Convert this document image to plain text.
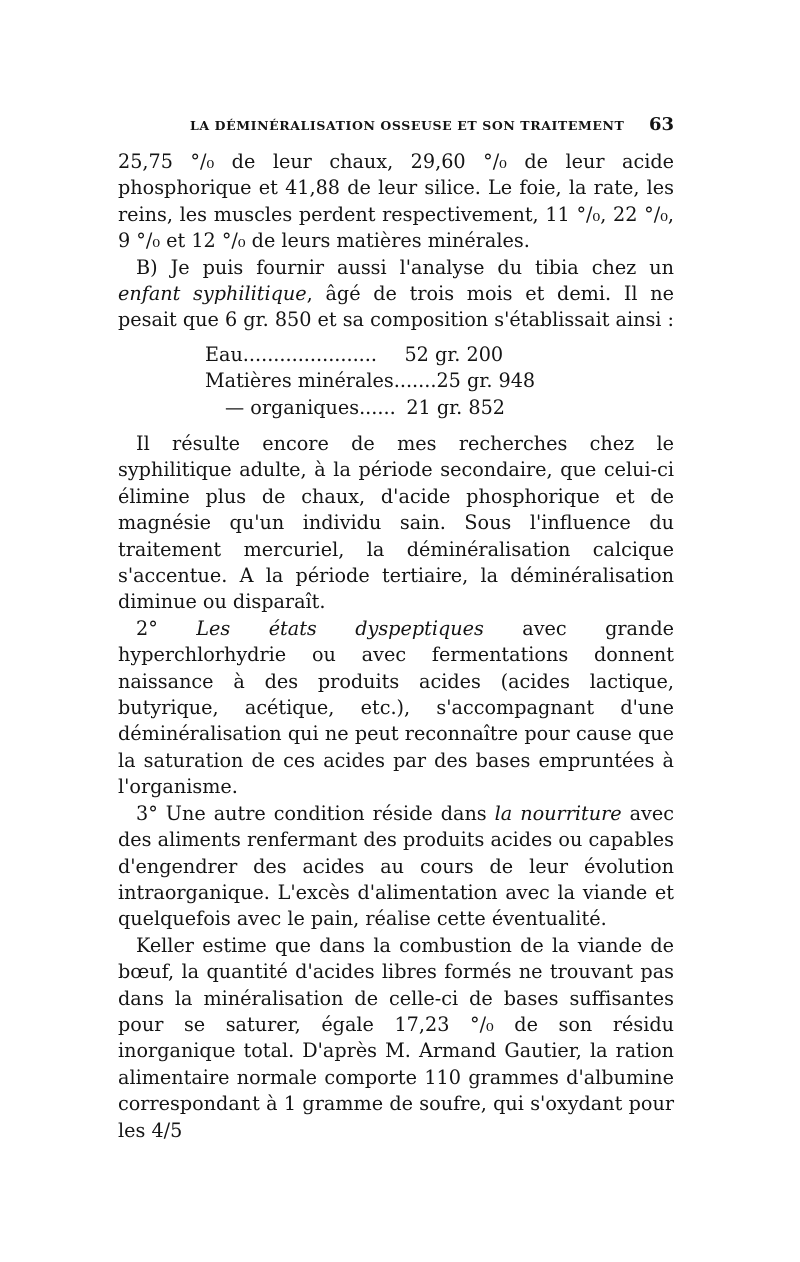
LA DÉMINÉRALISATION OSSEUSE ET SON TRAITEMENT 63

25,75 °/₀ de leur chaux, 29,60 °/₀ de leur acide phosphorique et 41,88 de leur silice. Le foie, la rate, les reins, les muscles perdent respectivement, 11 °/₀, 22 °/₀, 9 °/₀ et 12 °/₀ de leurs matières minérales.

B) Je puis fournir aussi l'analyse du tibia chez un enfant syphilitique, âgé de trois mois et demi. Il ne pesait que 6 gr. 850 et sa composition s'établissait ainsi :

Eau......................	52 gr. 200
Matières minérales....... 25 gr. 948
— organiques...... 21 gr. 852

Il résulte encore de mes recherches chez le syphilitique adulte, à la période secondaire, que celui-ci élimine plus de chaux, d'acide phosphorique et de magnésie qu'un individu sain. Sous l'influence du traitement mercuriel, la déminéralisation calcique s'accentue. A la période tertiaire, la déminéralisation diminue ou disparaît.

2° Les états dyspeptiques avec grande hyperchlorhydrie ou avec fermentations donnent naissance à des produits acides (acides lactique, butyrique, acétique, etc.), s'accompagnant d'une déminéralisation qui ne peut reconnaître pour cause que la saturation de ces acides par des bases empruntées à l'organisme.

3° Une autre condition réside dans la nourriture avec des aliments renfermant des produits acides ou capables d'engendrer des acides au cours de leur évolution intraorganique. L'excès d'alimentation avec la viande et quelquefois avec le pain, réalise cette éventualité.

Keller estime que dans la combustion de la viande de bœuf, la quantité d'acides libres formés ne trouvant pas dans la minéralisation de celle-ci de bases suffisantes pour se saturer, égale 17,23 °/₀ de son résidu inorganique total. D'après M. Armand Gautier, la ration alimentaire normale comporte 110 grammes d'albumine correspondant à 1 gramme de soufre, qui s'oxydant pour les 4/5
